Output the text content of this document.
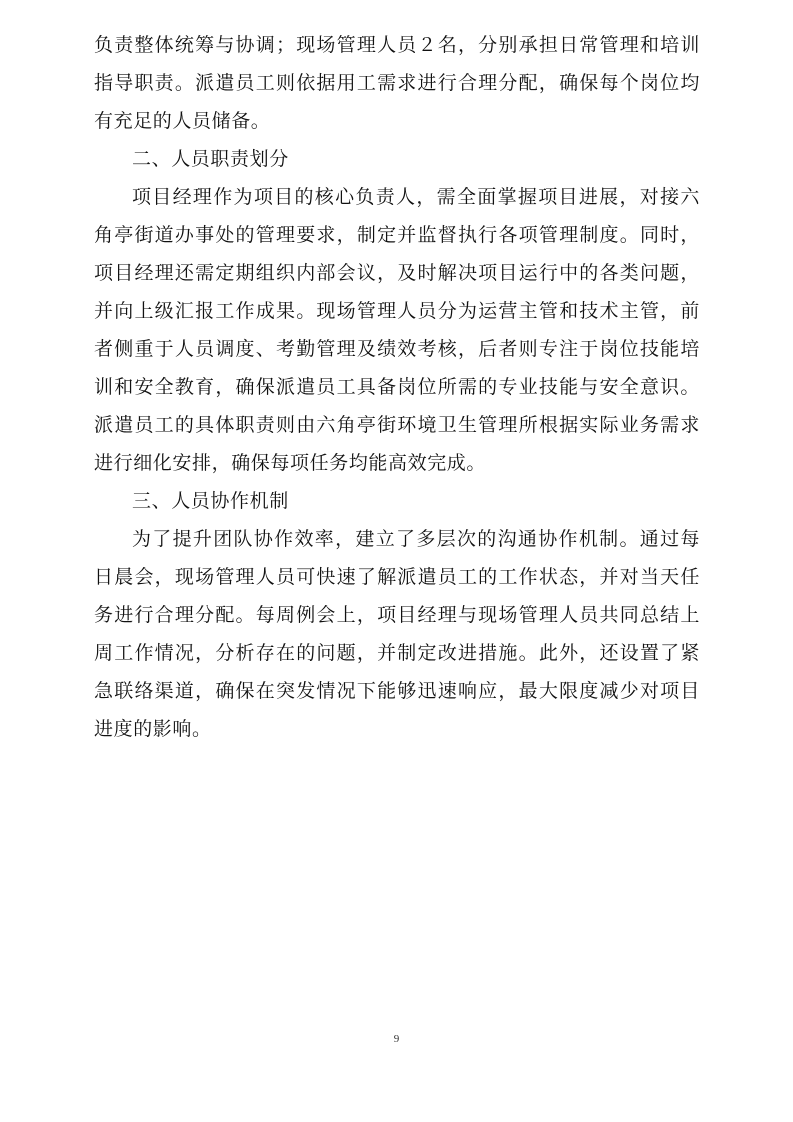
负责整体统筹与协调；现场管理人员２名，分别承担日常管理和培训指导职责。派遣员工则依据用工需求进行合理分配，确保每个岗位均有充足的人员储备。

二、人员职责划分

项目经理作为项目的核心负责人，需全面掌握项目进展，对接六角亭街道办事处的管理要求，制定并监督执行各项管理制度。同时，项目经理还需定期组织内部会议，及时解决项目运行中的各类问题，并向上级汇报工作成果。现场管理人员分为运营主管和技术主管，前者侧重于人员调度、考勤管理及绩效考核，后者则专注于岗位技能培训和安全教育，确保派遣员工具备岗位所需的专业技能与安全意识。派遣员工的具体职责则由六角亭街环境卫生管理所根据实际业务需求进行细化安排，确保每项任务均能高效完成。

三、人员协作机制

为了提升团队协作效率，建立了多层次的沟通协作机制。通过每日晨会，现场管理人员可快速了解派遣员工的工作状态，并对当天任务进行合理分配。每周例会上，项目经理与现场管理人员共同总结上周工作情况，分析存在的问题，并制定改进措施。此外，还设置了紧急联络渠道，确保在突发情况下能够迅速响应，最大限度减少对项目进度的影响。

9
